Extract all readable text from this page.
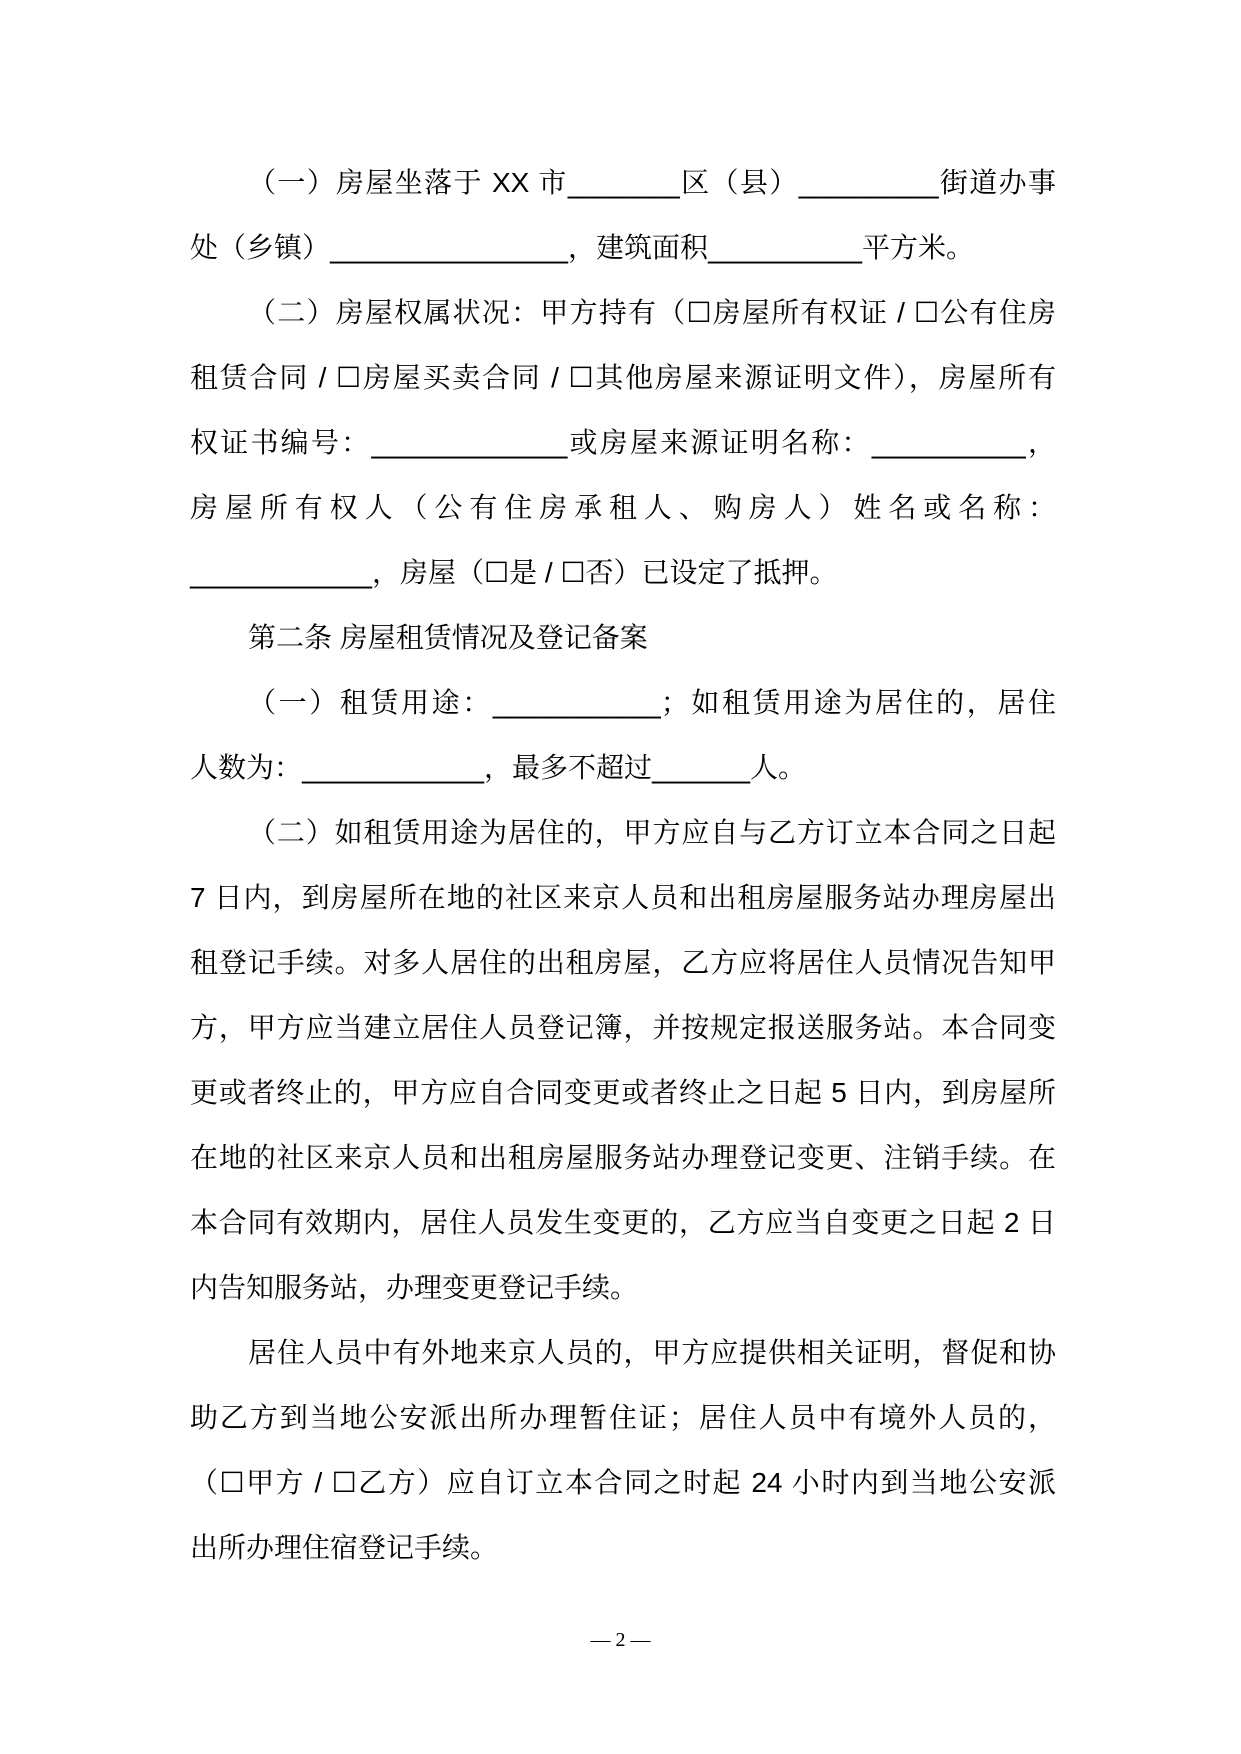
（一）房屋坐落于 XX 市________区（县）__________街道办事
处（乡镇）_________________，建筑面积___________平方米。
（二）房屋权属状况：甲方持有（☐房屋所有权证 / ☐公有住房
租赁合同 / ☐房屋买卖合同 / ☐其他房屋来源证明文件），房屋所有
权证书编号：______________或房屋来源证明名称：___________，
房屋所有权人（公有住房承租人、购房人）姓名或名称：
_____________，房屋（☐是 / ☐否）已设定了抵押。
第二条 房屋租赁情况及登记备案
（一）租赁用途：____________；如租赁用途为居住的，居住
人数为：_____________，最多不超过_______人。
（二）如租赁用途为居住的，甲方应自与乙方订立本合同之日起
7 日内，到房屋所在地的社区来京人员和出租房屋服务站办理房屋出
租登记手续。对多人居住的出租房屋，乙方应将居住人员情况告知甲
方，甲方应当建立居住人员登记簿，并按规定报送服务站。本合同变
更或者终止的，甲方应自合同变更或者终止之日起 5 日内，到房屋所
在地的社区来京人员和出租房屋服务站办理登记变更、注销手续。在
本合同有效期内，居住人员发生变更的，乙方应当自变更之日起 2 日
内告知服务站，办理变更登记手续。
居住人员中有外地来京人员的，甲方应提供相关证明，督促和协
助乙方到当地公安派出所办理暂住证；居住人员中有境外人员的，
（☐甲方 / ☐乙方）应自订立本合同之时起 24 小时内到当地公安派
出所办理住宿登记手续。
— 2 —
